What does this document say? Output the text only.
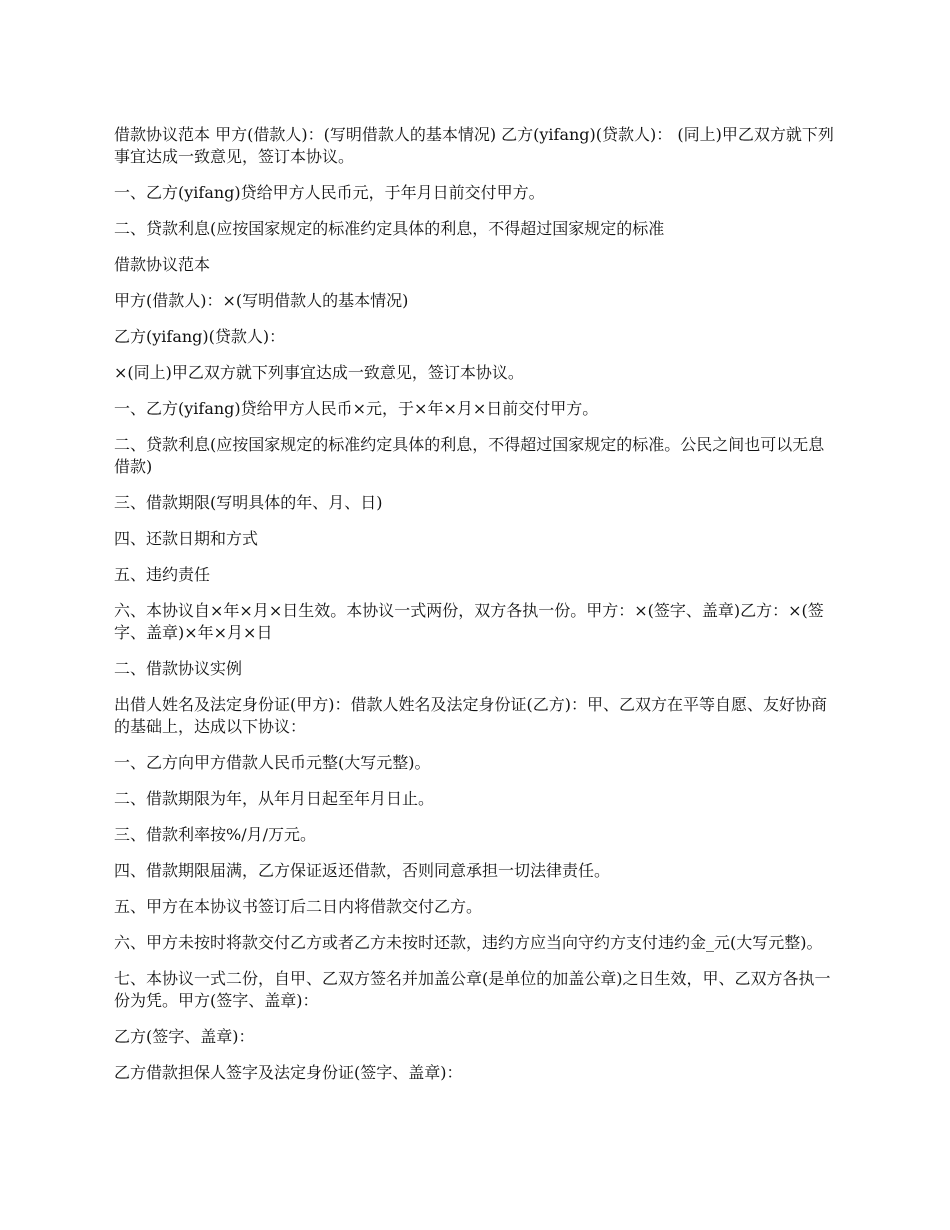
借款协议范本 甲方(借款人)：(写明借款人的基本情况) 乙方(yifang)(贷款人)： (同上)甲乙双方就下列事宜达成一致意见，签订本协议。

一、乙方(yifang)贷给甲方人民币元，于年月日前交付甲方。

二、贷款利息(应按国家规定的标准约定具体的利息，不得超过国家规定的标准

借款协议范本

甲方(借款人)：×(写明借款人的基本情况)

乙方(yifang)(贷款人)：

×(同上)甲乙双方就下列事宜达成一致意见，签订本协议。

一、乙方(yifang)贷给甲方人民币×元，于×年×月×日前交付甲方。

二、贷款利息(应按国家规定的标准约定具体的利息，不得超过国家规定的标准。公民之间也可以无息借款)

三、借款期限(写明具体的年、月、日)

四、还款日期和方式

五、违约责任

六、本协议自×年×月×日生效。本协议一式两份，双方各执一份。甲方：×(签字、盖章)乙方：×(签字、盖章)×年×月×日

二、借款协议实例

出借人姓名及法定身份证(甲方)：借款人姓名及法定身份证(乙方)：甲、乙双方在平等自愿、友好协商的基础上，达成以下协议：

一、乙方向甲方借款人民币元整(大写元整)。

二、借款期限为年，从年月日起至年月日止。

三、借款利率按%/月/万元。

四、借款期限届满，乙方保证返还借款，否则同意承担一切法律责任。

五、甲方在本协议书签订后二日内将借款交付乙方。

六、甲方未按时将款交付乙方或者乙方未按时还款，违约方应当向守约方支付违约金_元(大写元整)。

七、本协议一式二份，自甲、乙双方签名并加盖公章(是单位的加盖公章)之日生效，甲、乙双方各执一份为凭。甲方(签字、盖章)：

乙方(签字、盖章)：

乙方借款担保人签字及法定身份证(签字、盖章)：
